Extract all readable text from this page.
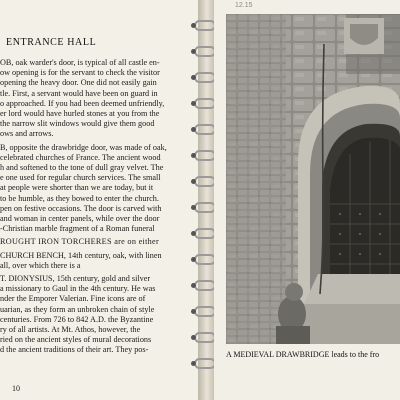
ENTRANCE HALL

OB, oak warder's door, is typical of all castle en-
ow opening is for the servant to check the visitor
opening the heavy door. One did not easily gain
tle. First, a servant would have been on guard in
o approached. If you had been deemed unfriendly,
er lord would have hurled stones at you from the
the narrow slit windows would give them good
ows and arrows.

B, opposite the drawbridge door, was made of oak,
celebrated churches of France. The ancient wood
h and softened to the tone of dull gray velvet. The
e one used for regular church services. The small
at people were shorter than we are today, but it
to be humble, as they bowed to enter the church.
pen on festive occasions. The door is carved with
and woman in center panels, while over the door
-Christian marble fragment of a Roman funeral

ROUGHT IRON TORCHERES are on either

CHURCH BENCH, 14th century, oak, with linen
all, over which there is a

T. DIONYSIUS, 15th century, gold and silver
a missionary to Gaul in the 4th century. He was
nder the Emporer Valerian. Fine icons are of
uarian, as they form an unbroken chain of style
centuries. From 726 to 842 A.D. the Byzantine
ry of all artists. At Mt. Athos, however, the
ried on the ancient styles of mural decorations
d the ancient traditions of their art. They pos-

10
12.15
A MEDIEVAL DRAWBRIDGE leads to the fro
